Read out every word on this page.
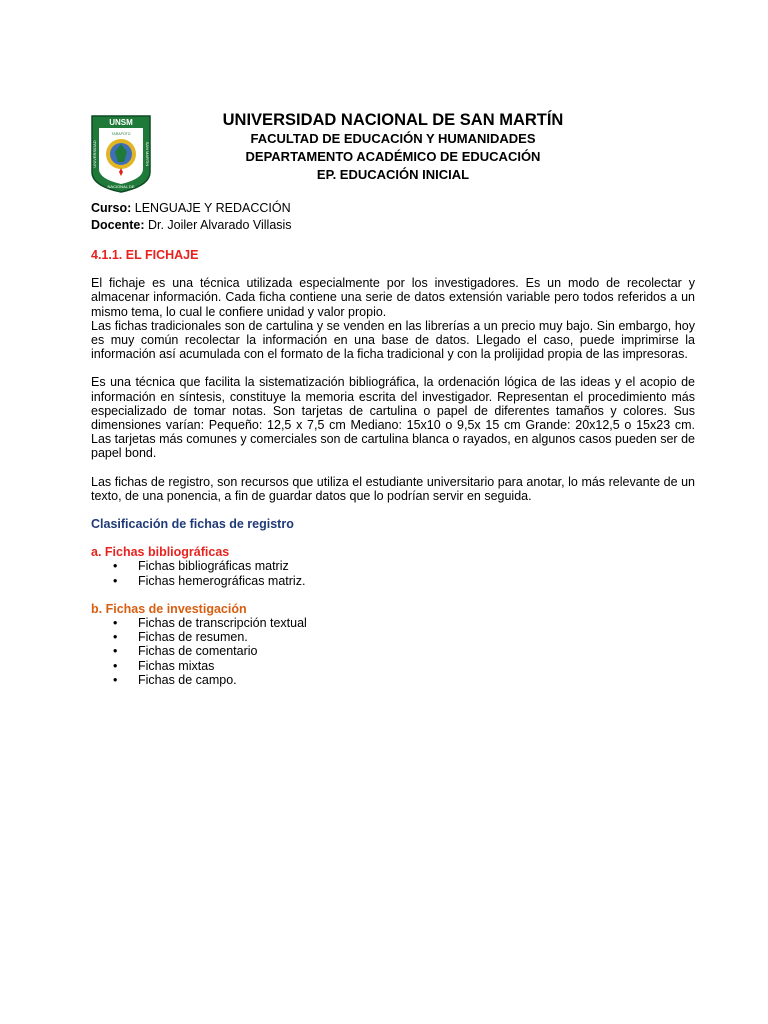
UNSM
UNIVERSIDAD	SAN MARTIN
NACIONAL DE
TARAPOTO
UNIVERSIDAD NACIONAL DE SAN MARTÍN
FACULTAD DE EDUCACIÓN Y HUMANIDADES
DEPARTAMENTO ACADÉMICO DE EDUCACIÓN
EP. EDUCACIÓN INICIAL
Curso: LENGUAJE Y REDACCIÓN
Docente: Dr. Joiler Alvarado Villasis
4.1.1. EL FICHAJE

El fichaje es una técnica utilizada especialmente por los investigadores. Es un modo de recolectar y almacenar información. Cada ficha contiene una serie de datos extensión variable pero todos referidos a un mismo tema, lo cual le confiere unidad y valor propio.

Las fichas tradicionales son de cartulina y se venden en las librerías a un precio muy bajo. Sin embargo, hoy es muy común recolectar la información en una base de datos. Llegado el caso, puede imprimirse la información así acumulada con el formato de la ficha tradicional y con la prolijidad propia de las impresoras.

Es una técnica que facilita la sistematización bibliográfica, la ordenación lógica de las ideas y el acopio de información en síntesis, constituye la memoria escrita del investigador. Representan el procedimiento más especializado de tomar notas. Son tarjetas de cartulina o papel de diferentes tamaños y colores. Sus dimensiones varían: Pequeño: 12,5 x 7,5 cm Mediano: 15x10 o 9,5x 15 cm Grande: 20x12,5 o 15x23 cm. Las tarjetas más comunes y comerciales son de cartulina blanca o rayados, en algunos casos pueden ser de papel bond.

Las fichas de registro, son recursos que utiliza el estudiante universitario para anotar, lo más relevante de un texto, de una ponencia, a fin de guardar datos que lo podrían servir en seguida.

Clasificación de fichas de registro
a. Fichas bibliográficas
• Fichas bibliográficas matriz
• Fichas hemerográficas matriz.
b. Fichas de investigación
• Fichas de transcripción textual
• Fichas de resumen.
• Fichas de comentario
• Fichas mixtas
• Fichas de campo.
